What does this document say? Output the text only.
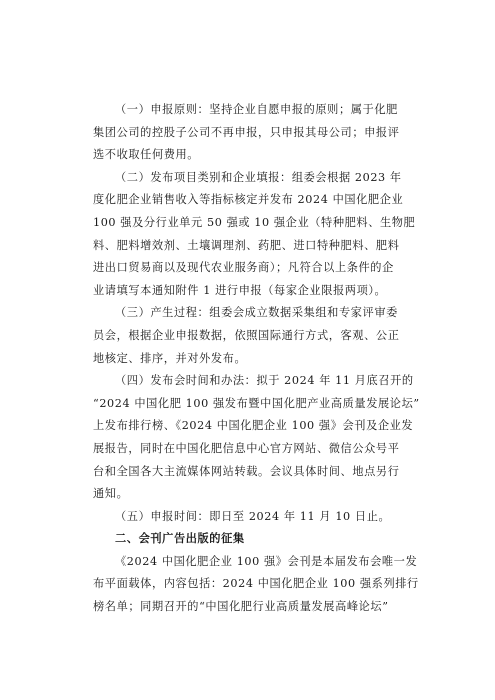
（一）申报原则：坚持企业自愿申报的原则；属于化肥
集团公司的控股子公司不再申报，只申报其母公司；申报评
选不收取任何费用。
（二）发布项目类别和企业填报：组委会根据 2023 年
度化肥企业销售收入等指标核定并发布 2024 中国化肥企业
100 强及分行业单元 50 强或 10 强企业（特种肥料、生物肥
料、肥料增效剂、土壤调理剂、药肥、进口特种肥料、肥料
进出口贸易商以及现代农业服务商）；凡符合以上条件的企
业请填写本通知附件 1 进行申报（每家企业限报两项）。
（三）产生过程：组委会成立数据采集组和专家评审委
员会，根据企业申报数据，依照国际通行方式，客观、公正
地核定、排序，并对外发布。
（四）发布会时间和办法：拟于 2024 年 11 月底召开的
“2024 中国化肥 100 强发布暨中国化肥产业高质量发展论坛”
上发布排行榜、《2024 中国化肥企业 100 强》会刊及企业发
展报告，同时在中国化肥信息中心官方网站、微信公众号平
台和全国各大主流媒体网站转载。会议具体时间、地点另行
通知。
（五）申报时间：即日至 2024 年 11 月 10 日止。
二、会刊广告出版的征集
《2024 中国化肥企业 100 强》会刊是本届发布会唯一发
布平面载体，内容包括：2024 中国化肥企业 100 强系列排行
榜名单；同期召开的“中国化肥行业高质量发展高峰论坛”
